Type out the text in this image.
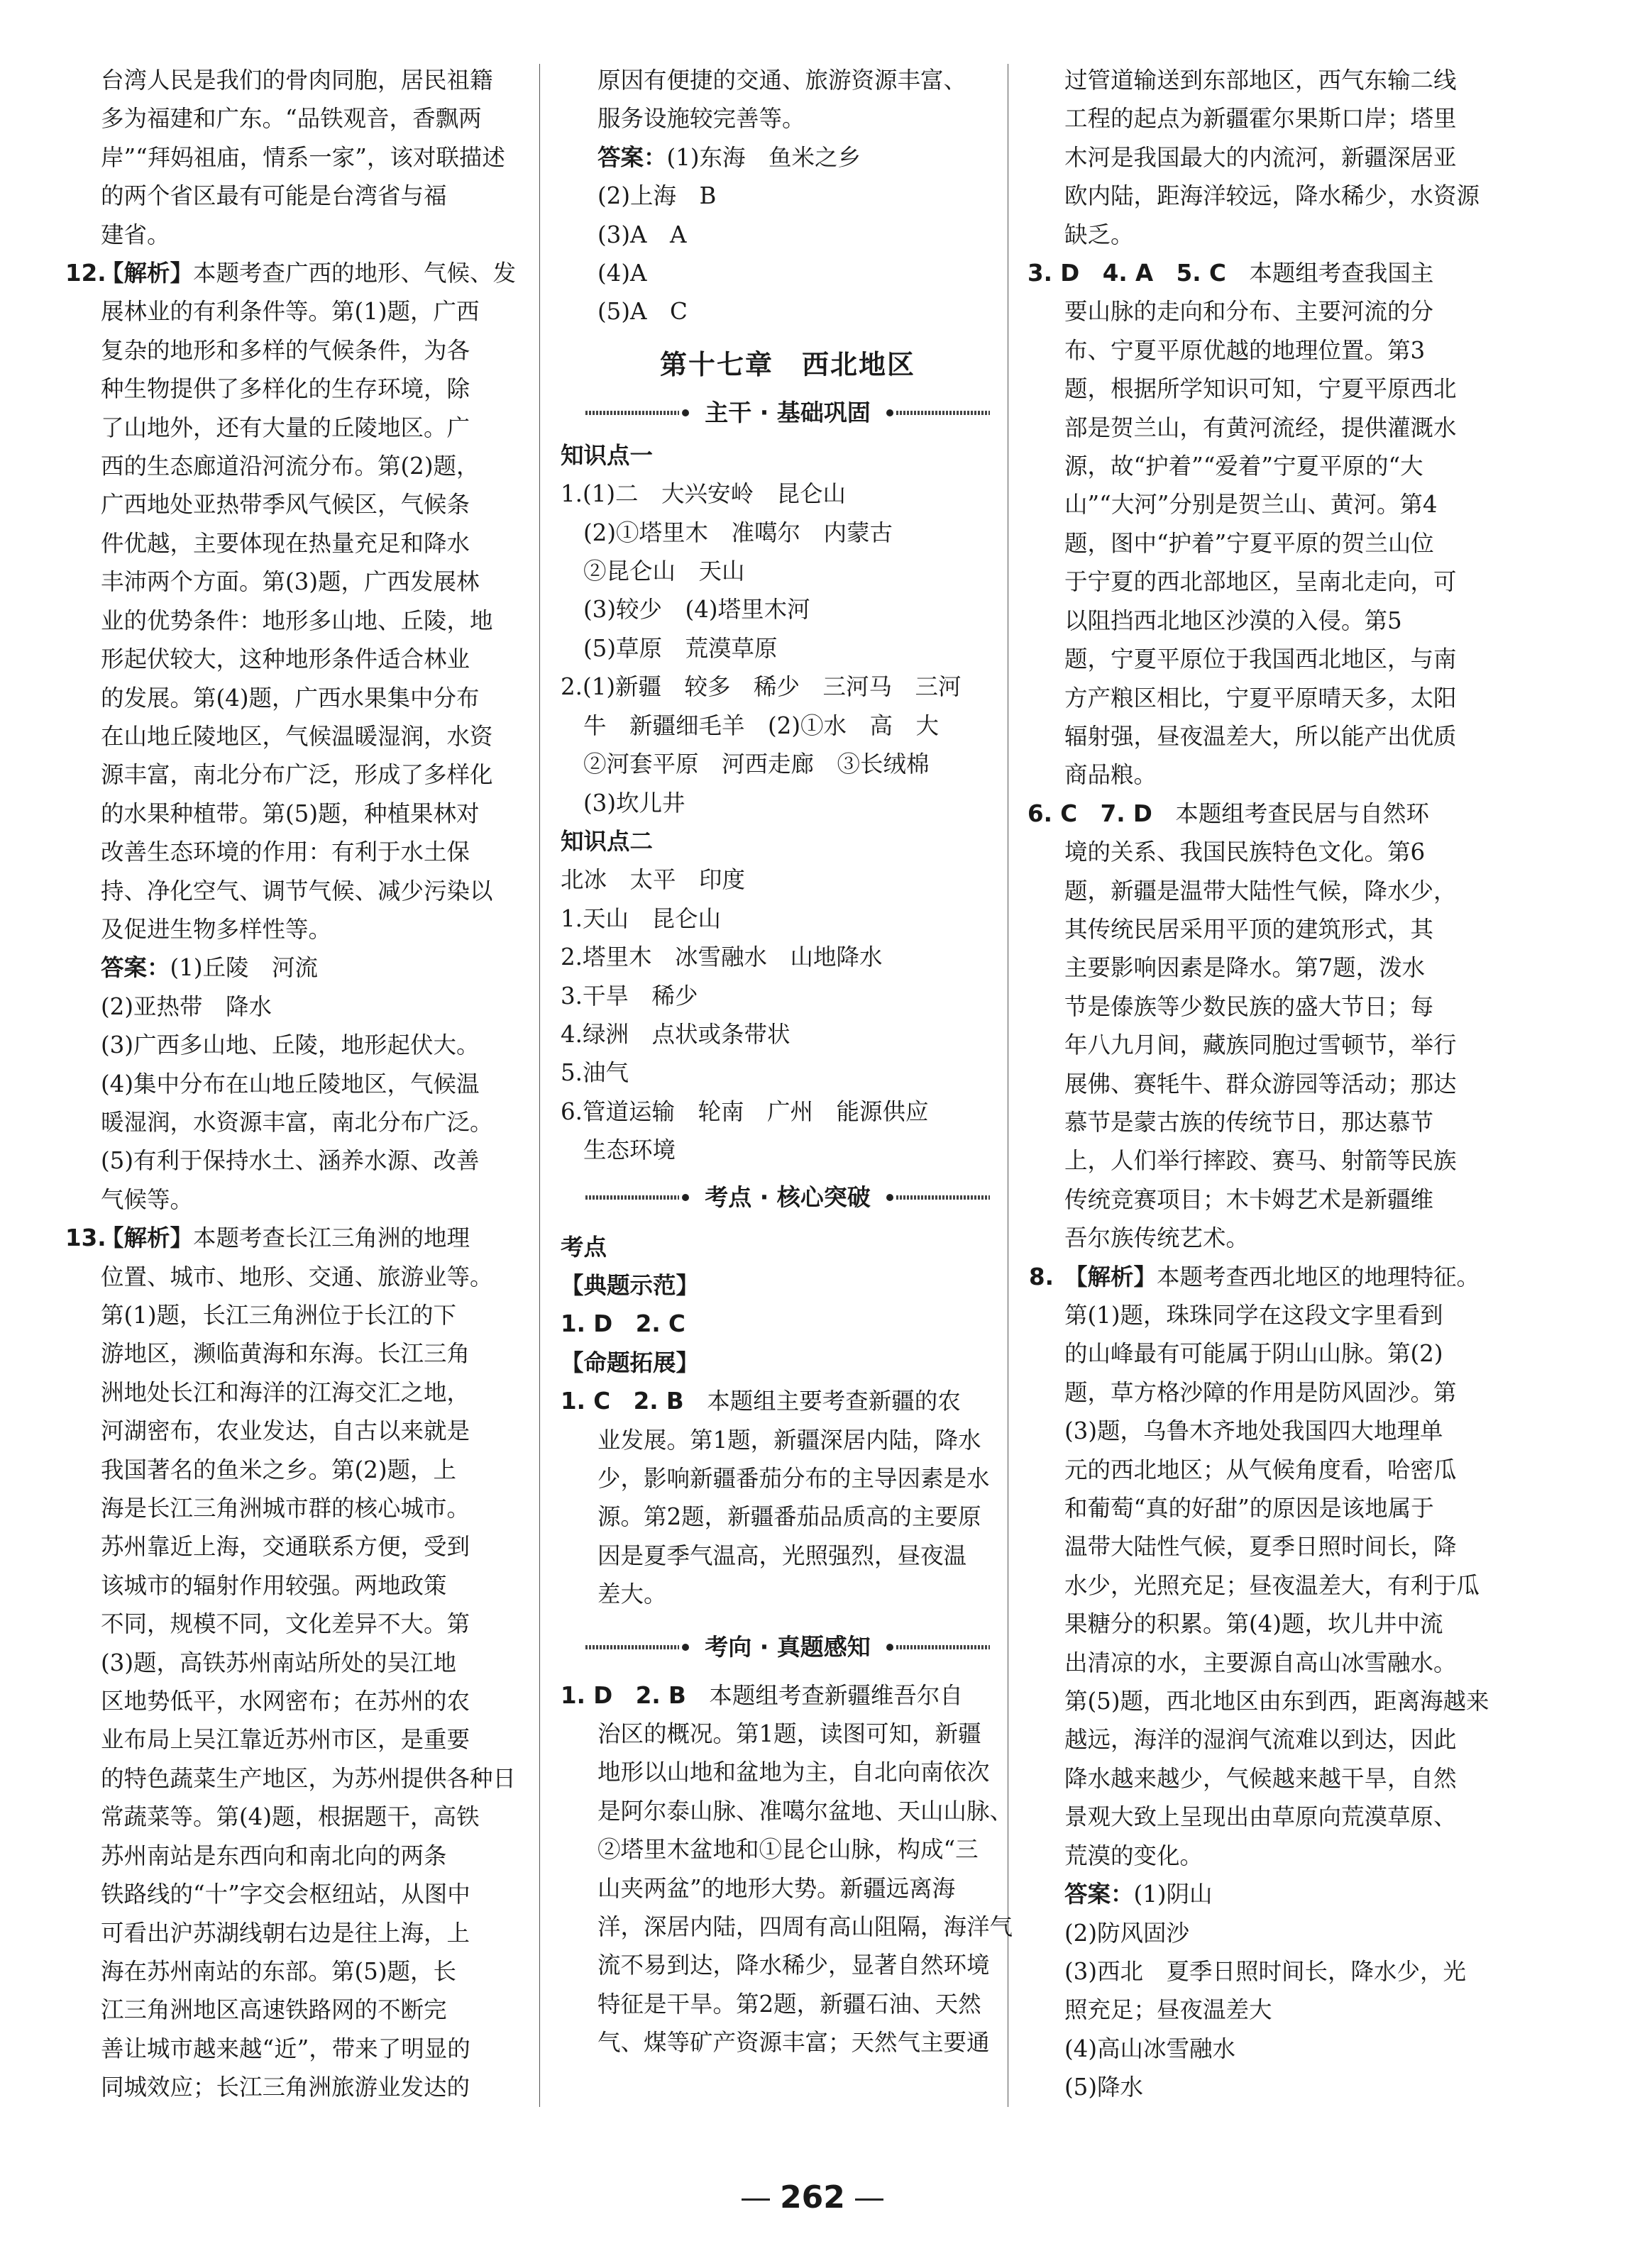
台湾人民是我们的骨肉同胞，居民祖籍

多为福建和广东。“品铁观音，香飘两

岸”“拜妈祖庙，情系一家”，该对联描述

的两个省区最有可能是台湾省与福

建省。

12.

【解析】本题考查广西的地形、气候、发

展林业的有利条件等。第(1)题，广西

复杂的地形和多样的气候条件，为各

种生物提供了多样化的生存环境，除

了山地外，还有大量的丘陵地区。广

西的生态廊道沿河流分布。第(2)题，

广西地处亚热带季风气候区，气候条

件优越，主要体现在热量充足和降水

丰沛两个方面。第(3)题，广西发展林

业的优势条件：地形多山地、丘陵，地

形起伏较大，这种地形条件适合林业

的发展。第(4)题，广西水果集中分布

在山地丘陵地区，气候温暖湿润，水资

源丰富，南北分布广泛，形成了多样化

的水果种植带。第(5)题，种植果林对

改善生态环境的作用：有利于水土保

持、净化空气、调节气候、减少污染以

及促进生物多样性等。

答案：(1)丘陵　河流

(2)亚热带　降水

(3)广西多山地、丘陵，地形起伏大。

(4)集中分布在山地丘陵地区，气候温

暖湿润，水资源丰富，南北分布广泛。

(5)有利于保持水土、涵养水源、改善

气候等。

13.

【解析】本题考查长江三角洲的地理

位置、城市、地形、交通、旅游业等。

第(1)题，长江三角洲位于长江的下

游地区，濒临黄海和东海。长江三角

洲地处长江和海洋的江海交汇之地，

河湖密布，农业发达，自古以来就是

我国著名的鱼米之乡。第(2)题，上

海是长江三角洲城市群的核心城市。

苏州靠近上海，交通联系方便，受到

该城市的辐射作用较强。两地政策

不同，规模不同，文化差异不大。第

(3)题，高铁苏州南站所处的吴江地

区地势低平，水网密布；在苏州的农

业布局上吴江靠近苏州市区，是重要

的特色蔬菜生产地区，为苏州提供各种日

常蔬菜等。第(4)题，根据题干，高铁

苏州南站是东西向和南北向的两条

铁路线的“十”字交会枢纽站，从图中

可看出沪苏湖线朝右边是往上海，上

海在苏州南站的东部。第(5)题，长

江三角洲地区高速铁路网的不断完

善让城市越来越“近”，带来了明显的

同城效应；长江三角洲旅游业发达的

原因有便捷的交通、旅游资源丰富、

服务设施较完善等。

答案：(1)东海　鱼米之乡

(2)上海　B

(3)A　A

(4)A

(5)A　C

第十七章　西北地区
主干 · 基础巩固

知识点一

1.(1)二　大兴安岭　昆仑山

(2)①塔里木　准噶尔　内蒙古

②昆仑山　天山

(3)较少　(4)塔里木河

(5)草原　荒漠草原

2.(1)新疆　较多　稀少　三河马　三河

牛　新疆细毛羊　(2)①水　高　大

②河套平原　河西走廊　③长绒棉

(3)坎儿井

知识点二

北冰　太平　印度

1.天山　昆仑山

2.塔里木　冰雪融水　山地降水

3.干旱　稀少

4.绿洲　点状或条带状

5.油气

6.管道运输　轮南　广州　能源供应

生态环境

考点 · 核心突破

考点

【典题示范】

1. D　2. C

【命题拓展】

1. C　2. B　 本题组主要考查新疆的农

业发展。第1题，新疆深居内陆，降水

少，影响新疆番茄分布的主导因素是水

源。第2题，新疆番茄品质高的主要原

因是夏季气温高，光照强烈，昼夜温

差大。

考向 · 真题感知

1. D　2. B　 本题组考查新疆维吾尔自

治区的概况。第1题，读图可知，新疆

地形以山地和盆地为主，自北向南依次

是阿尔泰山脉、准噶尔盆地、天山山脉、

②塔里木盆地和①昆仑山脉，构成“三

山夹两盆”的地形大势。新疆远离海

洋，深居内陆，四周有高山阻隔，海洋气

流不易到达，降水稀少，显著自然环境

特征是干旱。第2题，新疆石油、天然

气、煤等矿产资源丰富；天然气主要通

过管道输送到东部地区，西气东输二线

工程的起点为新疆霍尔果斯口岸；塔里

木河是我国最大的内流河，新疆深居亚

欧内陆，距海洋较远，降水稀少，水资源

缺乏。

3. D　4. A　5. C　 本题组考查我国主

要山脉的走向和分布、主要河流的分

布、宁夏平原优越的地理位置。第3

题，根据所学知识可知，宁夏平原西北

部是贺兰山，有黄河流经，提供灌溉水

源，故“护着”“爱着”宁夏平原的“大

山”“大河”分别是贺兰山、黄河。第4

题，图中“护着”宁夏平原的贺兰山位

于宁夏的西北部地区，呈南北走向，可

以阻挡西北地区沙漠的入侵。第5

题，宁夏平原位于我国西北地区，与南

方产粮区相比，宁夏平原晴天多，太阳

辐射强，昼夜温差大，所以能产出优质

商品粮。

6. C　7. D　 本题组考查民居与自然环

境的关系、我国民族特色文化。第6

题，新疆是温带大陆性气候，降水少，

其传统民居采用平顶的建筑形式，其

主要影响因素是降水。第7题，泼水

节是傣族等少数民族的盛大节日；每

年八九月间，藏族同胞过雪顿节，举行

展佛、赛牦牛、群众游园等活动；那达

慕节是蒙古族的传统节日，那达慕节

上，人们举行摔跤、赛马、射箭等民族

传统竞赛项目；木卡姆艺术是新疆维

吾尔族传统艺术。

8. 【解析】本题考查西北地区的地理特征。

第(1)题，珠珠同学在这段文字里看到

的山峰最有可能属于阴山山脉。第(2)

题，草方格沙障的作用是防风固沙。第

(3)题，乌鲁木齐地处我国四大地理单

元的西北地区；从气候角度看，哈密瓜

和葡萄“真的好甜”的原因是该地属于

温带大陆性气候，夏季日照时间长，降

水少，光照充足；昼夜温差大，有利于瓜

果糖分的积累。第(4)题，坎儿井中流

出清凉的水，主要源自高山冰雪融水。

第(5)题，西北地区由东到西，距离海越来

越远，海洋的湿润气流难以到达，因此

降水越来越少，气候越来越干旱，自然

景观大致上呈现出由草原向荒漠草原、

荒漠的变化。

答案：(1)阴山

(2)防风固沙

(3)西北　夏季日照时间长，降水少，光

照充足；昼夜温差大

(4)高山冰雪融水

(5)降水

262
